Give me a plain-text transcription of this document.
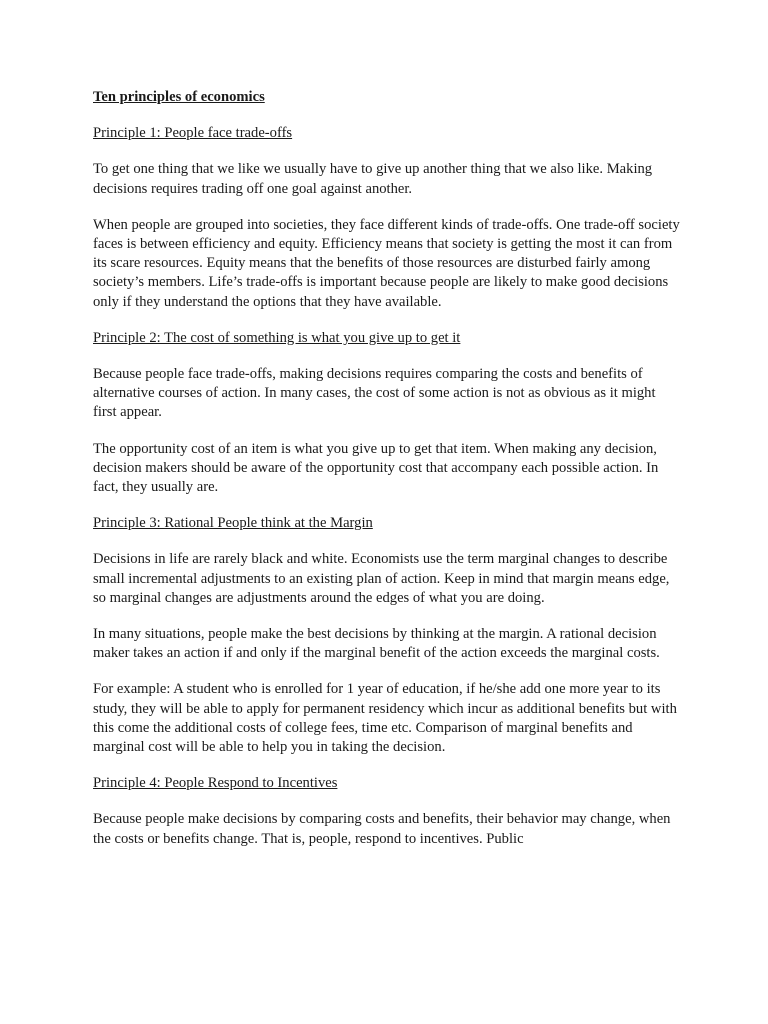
Ten principles of economics

Principle 1: People face trade-offs

To get one thing that we like we usually have to give up another thing that we also like. Making decisions requires trading off one goal against another.

When people are grouped into societies, they face different kinds of trade-offs. One trade-off society faces is between efficiency and equity. Efficiency means that society is getting the most it can from its scare resources. Equity means that the benefits of those resources are disturbed fairly among society’s members. Life’s trade-offs is important because people are likely to make good decisions only if they understand the options that they have available.

Principle 2: The cost of something is what you give up to get it

Because people face trade-offs, making decisions requires comparing the costs and benefits of alternative courses of action. In many cases, the cost of some action is not as obvious as it might first appear.

The opportunity cost of an item is what you give up to get that item. When making any decision, decision makers should be aware of the opportunity cost that accompany each possible action. In fact, they usually are.

Principle 3: Rational People think at the Margin

Decisions in life are rarely black and white. Economists use the term marginal changes to describe small incremental adjustments to an existing plan of action. Keep in mind that margin means edge, so marginal changes are adjustments around the edges of what you are doing.

In many situations, people make the best decisions by thinking at the margin. A rational decision maker takes an action if and only if the marginal benefit of the action exceeds the marginal costs.

For example: A student who is enrolled for 1 year of education, if he/she add one more year to its study, they will be able to apply for permanent residency which incur as additional benefits but with this come the additional costs of college fees, time etc. Comparison of marginal benefits and marginal cost will be able to help you in taking the decision.

Principle 4: People Respond to Incentives

Because people make decisions by comparing costs and benefits, their behavior may change, when the costs or benefits change. That is, people, respond to incentives. Public
